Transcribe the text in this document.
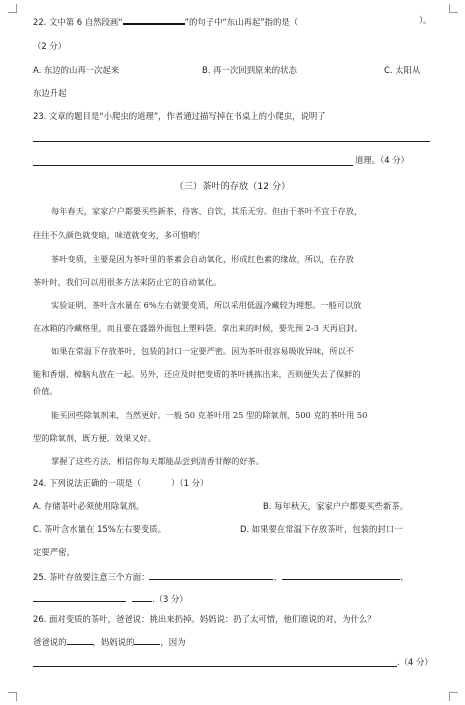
22. 文中第 6 自然段画“	”的句子中“东山再起”指的是（	）。
（2 分）
A. 东边的山再一次起来	B. 再一次回到原来的状态	C. 太阳从
东边升起
23. 文章的题目是“小爬虫的道理”，作者通过描写掉在书桌上的小爬虫，说明了
道理。（4 分）
（三）茶叶的存放（12 分）
每年春天，家家户户都要买些新茶，待客、自饮，其乐无穷。但由于茶叶不宜于存放，
往往不久颜色就变暗，味道就变劣，多可惜哟！
茶叶变质，主要是因为茶叶里的茶素会自动氧化，形成红色素的缘故，所以，在存放
茶叶时，我们可以用很多方法来防止它的自动氧化。
实验证明，茶叶含水量在 6%左右就要变质，所以采用低温冷藏较为理想。一般可以放
在冰箱的冷藏格里，而且要在盛器外面包上塑料袋。拿出来的时候，要先预 2-3 天再启封。
如果在常温下存放茶叶，包装的封口一定要严密。因为茶叶很容易吸收异味，所以不
能和香烟、樟脑丸放在一起。另外，还应及时把变质的茶叶挑拣出来，否则便失去了保鲜的
价值。
能买回些除氧剂来，当然更好。一般 50 克茶叶用 25 型的除氧剂，500 克的茶叶用 50
型的除氧剂，既方便，效果又好。
掌握了这些方法，相信你每天都能品尝到清香甘醇的好茶。
24. 下列说法正确的一项是（	）（1 分）
A. 存储茶叶必须使用除氧剂。	B. 每年秋天，家家户户都要买些新茶。
C. 茶叶含水量在 15%左右要变质。	D. 如果要在常温下存放茶叶，包装的封口一
定要严密。
25. 茶叶存放要注意三个方面：	、	、
.（3 分）
26. 面对变质的茶叶，爸爸说：挑出来扔掉。妈妈说：扔了太可惜，他们谁说的对，为什么？
爸爸说的	，妈妈说的	，因为
.（4 分）
